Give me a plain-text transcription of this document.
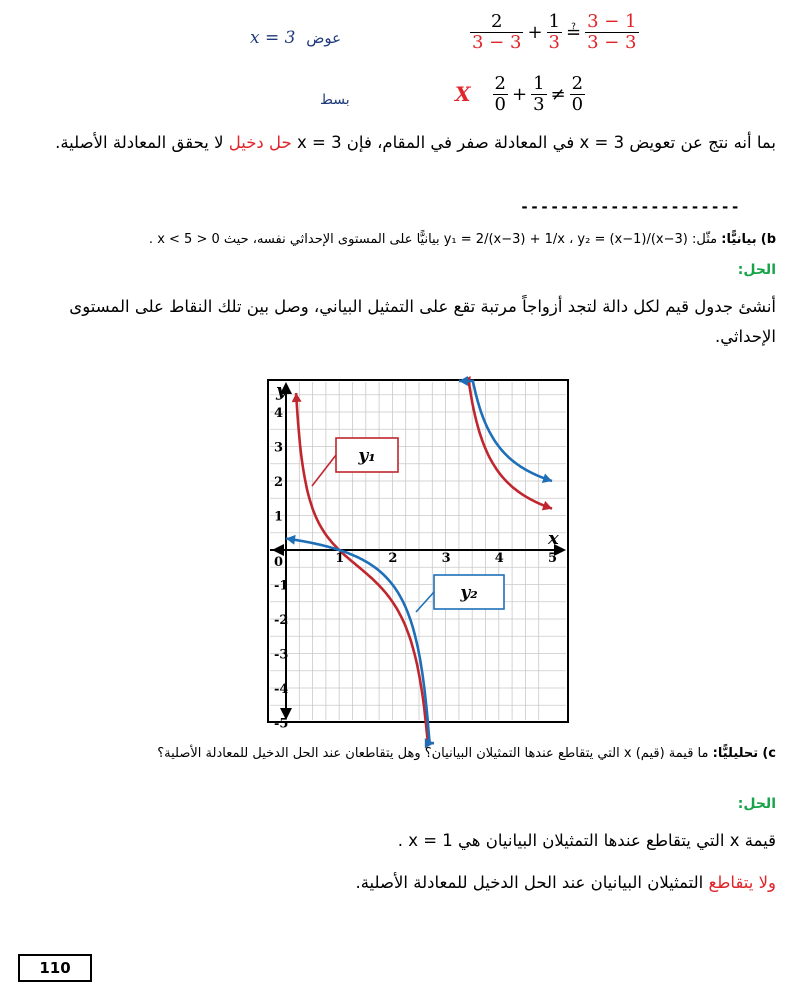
x = 3 عوض	$\frac{2}{3 - 3} + \frac{1}{3}$ ≟ $\frac{3 - 1}{3 - 3}$
بسط	X $\frac{2}{0} + \frac{1}{3} \ne \frac{2}{0}$
بما أنه نتج عن تعويض 3 = x في المعادلة صفر في المقام، فإن 3 = x حل دخيل لا يحقق المعادلة الأصلية.
----------------------
b) بيانيًّا: مثّل: y₁ = 2/(x−3) + 1/x ، y₂ = (x−1)/(x−3) بيانيًّا على المستوى الإحداثي نفسه، حيث 0 < x < 5 .
الحل:
أنشئ جدول قيم لكل دالة لتجد أزواجاً مرتبة تقع على التمثيل البياني، وصل بين تلك النقاط على المستوى الإحداثي.
0	1	2	3	4	5
4
3
2
1
-1
-2
-3
-4
-5
x
y
y₁
y₂
c) تحليليًّا: ما قيمة (قيم) x التي يتقاطع عندها التمثيلان البيانيان؟ وهل يتقاطعان عند الحل الدخيل للمعادلة الأصلية؟
الحل:
قيمة x التي يتقاطع عندها التمثيلان البيانيان هي 1 = x .
ولا يتقاطع التمثيلان البيانيان عند الحل الدخيل للمعادلة الأصلية.
110
